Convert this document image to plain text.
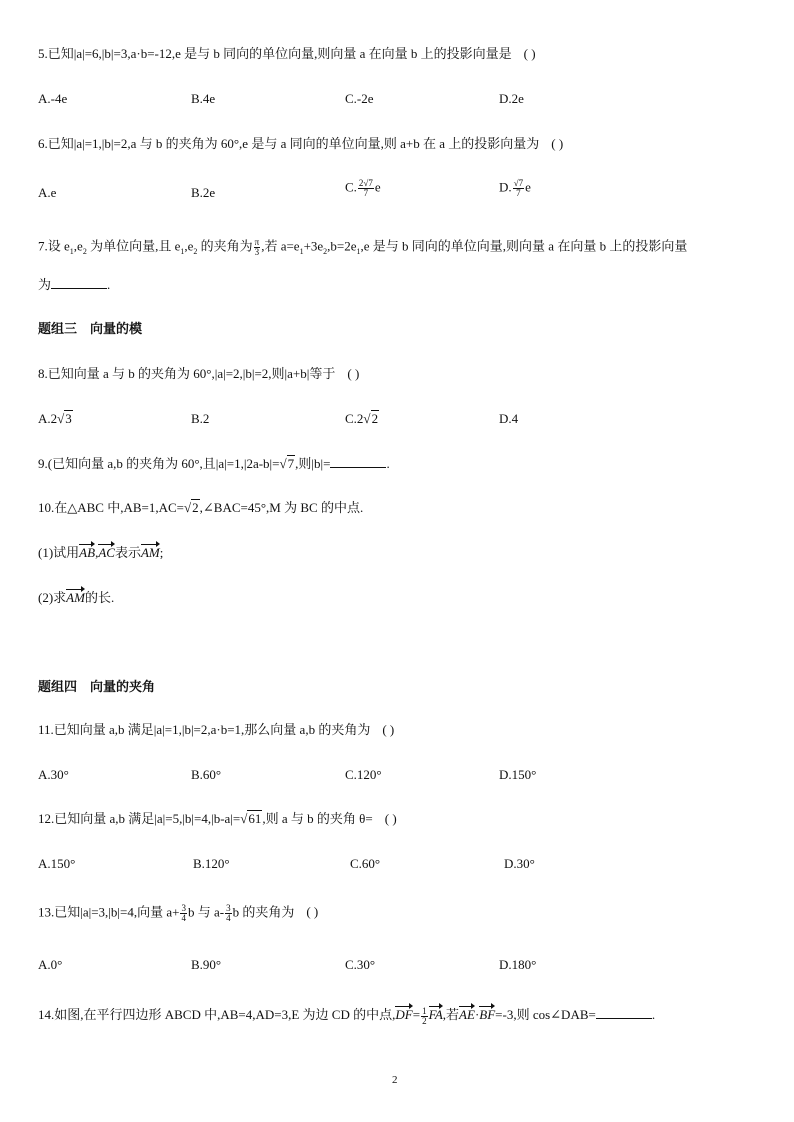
5.已知|a|=6,|b|=3,a·b=-12,e 是与 b 同向的单位向量,则向量 a 在向量 b 上的投影向量是 ( )
A.-4e	B.4e	C.-2e	D.2e
6.已知|a|=1,|b|=2,a 与 b 的夹角为 60°,e 是与 a 同向的单位向量,则 a+b 在 a 上的投影向量为 ( )
A.e	B.2e	C. $\frac{2√7}{7}$ e	D. $\frac{√7}{7}$ e
7.设 $e_1,e_2$ 为单位向量,且 $e_1,e_2$ 的夹角为 $\frac{\pi}{3}$ ,若 $a=e_1+3e_2,b=2e_1,e$ 是与 b 同向的单位向量,则向量 a 在向量 b 上的投影向量
为	.
题组三　向量的模
8.已知向量 a 与 b 的夹角为 60°,|a|=2,|b|=2,则|a+b|等于 ( )
A.2√3	B.2	C.2√2	D.4
9.(已知向量 a,b 的夹角为 60°,且|a|=1,|2a-b|=√7,则|b|=	.
10.在△ABC 中,AB=1,AC=√2,∠BAC=45°,M 为 BC 的中点.
(1)试用AB,AC表示AM;
(2)求AM的长.
题组四　向量的夹角
11.已知向量 a,b 满足|a|=1,|b|=2,a·b=1,那么向量 a,b 的夹角为 ( )
A.30°	B.60°	C.120°	D.150°
12.已知向量 a,b 满足|a|=5,|b|=4,|b-a|=√61,则 a 与 b 的夹角 θ= ( )
A.150°	B.120°	C.60°	D.30°
13.已知|a|=3,|b|=4,向量 $a+ \frac{3}{4}$ b 与 $a- \frac{3}{4}$ b 的夹角为 ( )
A.0°	B.90°	C.30°	D.180°
14.如图,在平行四边形 ABCD 中,AB=4,AD=3,E 为边 CD 的中点$,DF= \frac{1}{2}$ FA,若AE·BF=-3,则 cos∠DAB=	.
2
